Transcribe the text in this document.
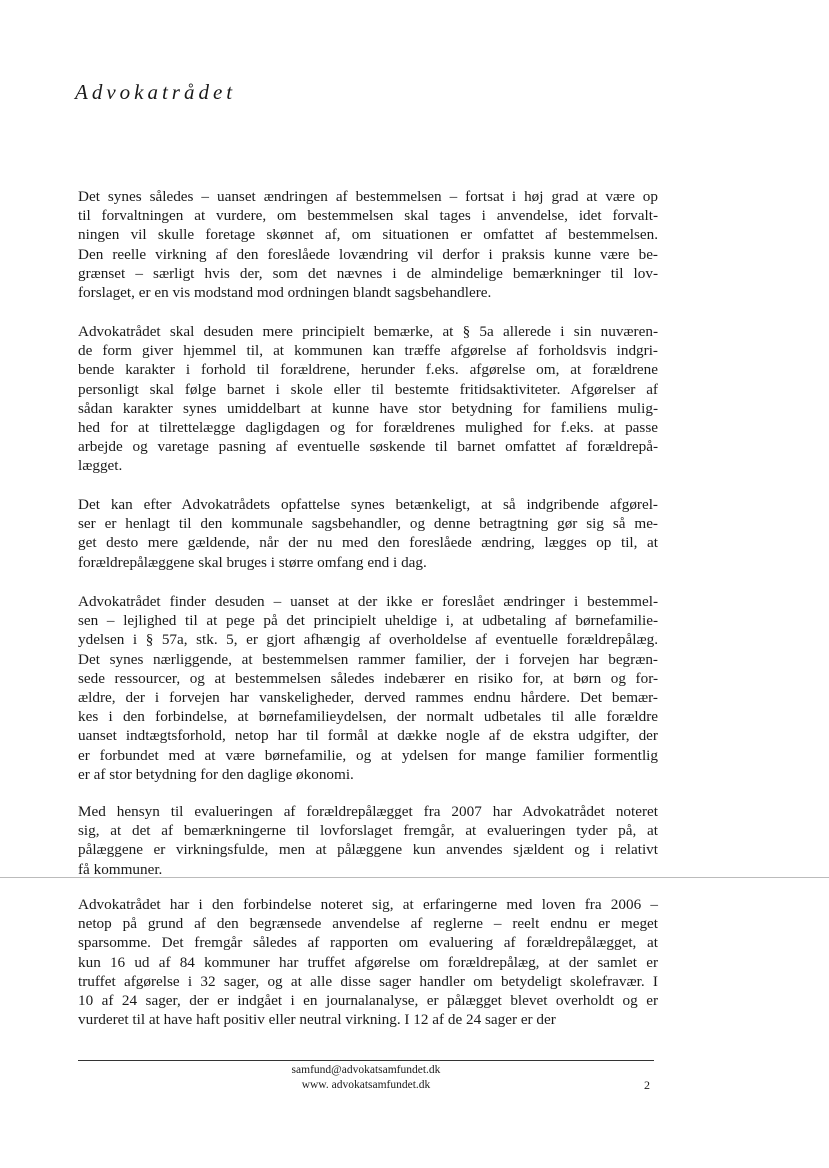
Advokatrådet
Det synes således – uanset ændringen af bestemmelsen – fortsat i høj grad at være op
til forvaltningen at vurdere, om bestemmelsen skal tages i anvendelse, idet forvalt-
ningen vil skulle foretage skønnet af, om situationen er omfattet af bestemmelsen.
Den reelle virkning af den foreslåede lovændring vil derfor i praksis kunne være be-
grænset – særligt hvis der, som det nævnes i de almindelige bemærkninger til lov-
forslaget, er en vis modstand mod ordningen blandt sagsbehandlere.
Advokatrådet skal desuden mere principielt bemærke, at § 5a allerede i sin nuværen-
de form giver hjemmel til, at kommunen kan træffe afgørelse af forholdsvis indgri-
bende karakter i forhold til forældrene, herunder f.eks. afgørelse om, at forældrene
personligt skal følge barnet i skole eller til bestemte fritidsaktiviteter. Afgørelser af
sådan karakter synes umiddelbart at kunne have stor betydning for familiens mulig-
hed for at tilrettelægge dagligdagen og for forældrenes mulighed for f.eks. at passe
arbejde og varetage pasning af eventuelle søskende til barnet omfattet af forældrepå-
lægget.
Det kan efter Advokatrådets opfattelse synes betænkeligt, at så indgribende afgørel-
ser er henlagt til den kommunale sagsbehandler, og denne betragtning gør sig så me-
get desto mere gældende, når der nu med den foreslåede ændring, lægges op til, at
forældrepålæggene skal bruges i større omfang end i dag.
Advokatrådet finder desuden – uanset at der ikke er foreslået ændringer i bestemmel-
sen – lejlighed til at pege på det principielt uheldige i, at udbetaling af børnefamilie-
ydelsen i § 57a, stk. 5, er gjort afhængig af overholdelse af eventuelle forældrepålæg.
Det synes nærliggende, at bestemmelsen rammer familier, der i forvejen har begræn-
sede ressourcer, og at bestemmelsen således indebærer en risiko for, at børn og for-
ældre, der i forvejen har vanskeligheder, derved rammes endnu hårdere. Det bemær-
kes i den forbindelse, at børnefamilieydelsen, der normalt udbetales til alle forældre
uanset indtægtsforhold, netop har til formål at dække nogle af de ekstra udgifter, der
er forbundet med at være børnefamilie, og at ydelsen for mange familier formentlig
er af stor betydning for den daglige økonomi.
Med hensyn til evalueringen af forældrepålægget fra 2007 har Advokatrådet noteret
sig, at det af bemærkningerne til lovforslaget fremgår, at evalueringen tyder på, at
pålæggene er virkningsfulde, men at pålæggene kun anvendes sjældent og i relativt
få kommuner.
Advokatrådet har i den forbindelse noteret sig, at erfaringerne med loven fra 2006 –
netop på grund af den begrænsede anvendelse af reglerne – reelt endnu er meget
sparsomme. Det fremgår således af rapporten om evaluering af forældrepålægget, at
kun 16 ud af 84 kommuner har truffet afgørelse om forældrepålæg, at der samlet er
truffet afgørelse i 32 sager, og at alle disse sager handler om betydeligt skolefravær. I
10 af 24 sager, der er indgået i en journalanalyse, er pålægget blevet overholdt og er
vurderet til at have haft positiv eller neutral virkning. I 12 af de 24 sager er der
samfund@advokatsamfundet.dk
www. advokatsamfundet.dk	2
